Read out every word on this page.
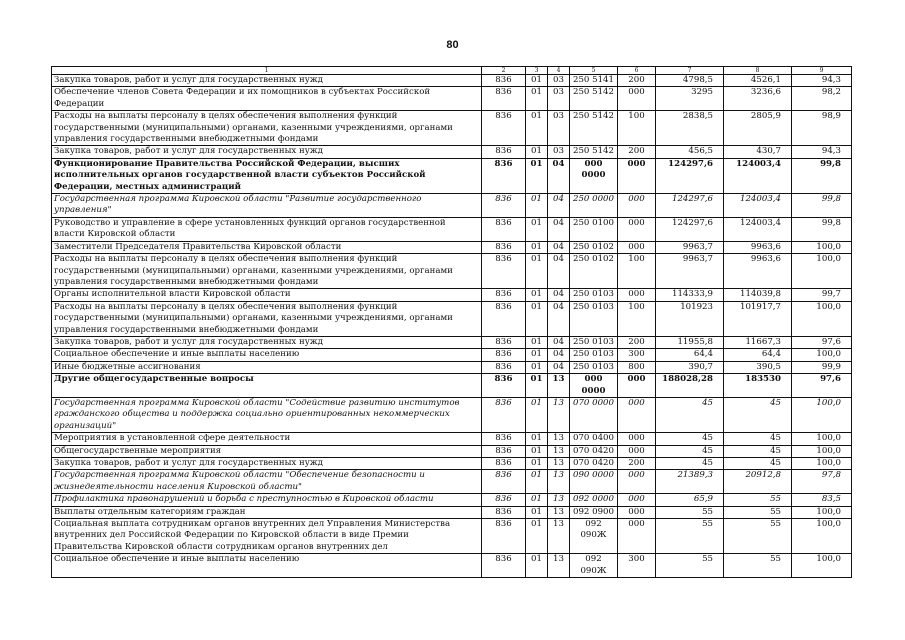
80
1	2	3	4	5	6	7	8	9
Закупка товаров, работ и услуг для государственных нужд	836	01	03	250 5141	200	4798,5	4526,1	94,3
Обеспечение членов Совета Федерации и их помощников в субъектах Российской Федерации	836	01	03	250 5142	000	3295	3236,6	98,2
Расходы на выплаты персоналу в целях обеспечения выполнения функций государственными (муниципальными) органами, казенными учреждениями, органами управления государственными внебюджетными фондами	836	01	03	250 5142	100	2838,5	2805,9	98,9
Закупка товаров, работ и услуг для государственных нужд	836	01	03	250 5142	200	456,5	430,7	94,3
Функционирование Правительства Российской Федерации, высших исполнительных органов государственной власти субъектов Российской Федерации, местных администраций	836	01	04	000 0000	000	124297,6	124003,4	99,8
Государственная программа Кировской области "Развитие государственного управления"	836	01	04	250 0000	000	124297,6	124003,4	99,8
Руководство и управление в сфере установленных функций органов государственной власти Кировской области	836	01	04	250 0100	000	124297,6	124003,4	99,8
Заместители Председателя Правительства Кировской области	836	01	04	250 0102	000	9963,7	9963,6	100,0
Расходы на выплаты персоналу в целях обеспечения выполнения функций государственными (муниципальными) органами, казенными учреждениями, органами управления государственными внебюджетными фондами	836	01	04	250 0102	100	9963,7	9963,6	100,0
Органы исполнительной власти Кировской области	836	01	04	250 0103	000	114333,9	114039,8	99,7
Расходы на выплаты персоналу в целях обеспечения выполнения функций государственными (муниципальными) органами, казенными учреждениями, органами управления государственными внебюджетными фондами	836	01	04	250 0103	100	101923	101917,7	100,0
Закупка товаров, работ и услуг для государственных нужд	836	01	04	250 0103	200	11955,8	11667,3	97,6
Социальное обеспечение и иные выплаты населению	836	01	04	250 0103	300	64,4	64,4	100,0
Иные бюджетные ассигнования	836	01	04	250 0103	800	390,7	390,5	99,9
Другие общегосударственные вопросы	836	01	13	000 0000	000	188028,28	183530	97,6
Государственная программа Кировской области "Содействие развитию институтов гражданского общества и поддержка социально ориентированных некоммерческих организаций"	836	01	13	070 0000	000	45	45	100,0
Мероприятия в установленной сфере деятельности	836	01	13	070 0400	000	45	45	100,0
Общегосударственные мероприятия	836	01	13	070 0420	000	45	45	100,0
Закупка товаров, работ и услуг для государственных нужд	836	01	13	070 0420	200	45	45	100,0
Государственная программа Кировской области "Обеспечение безопасности и жизнедеятельности населения Кировской области"	836	01	13	090 0000	000	21389,3	20912,8	97,8
Профилактика правонарушений и борьба с преступностью в Кировской области	836	01	13	092 0000	000	65,9	55	83,5
Выплаты отдельным категориям граждан	836	01	13	092 0900	000	55	55	100,0
Социальная выплата сотрудникам органов внутренних дел Управления Министерства внутренних дел Российской Федерации по Кировской области в виде Премии Правительства Кировской области сотрудникам органов внутренних дел	836	01	13	092 090Ж	000	55	55	100,0
Социальное обеспечение и иные выплаты населению	836	01	13	092 090Ж	300	55	55	100,0
